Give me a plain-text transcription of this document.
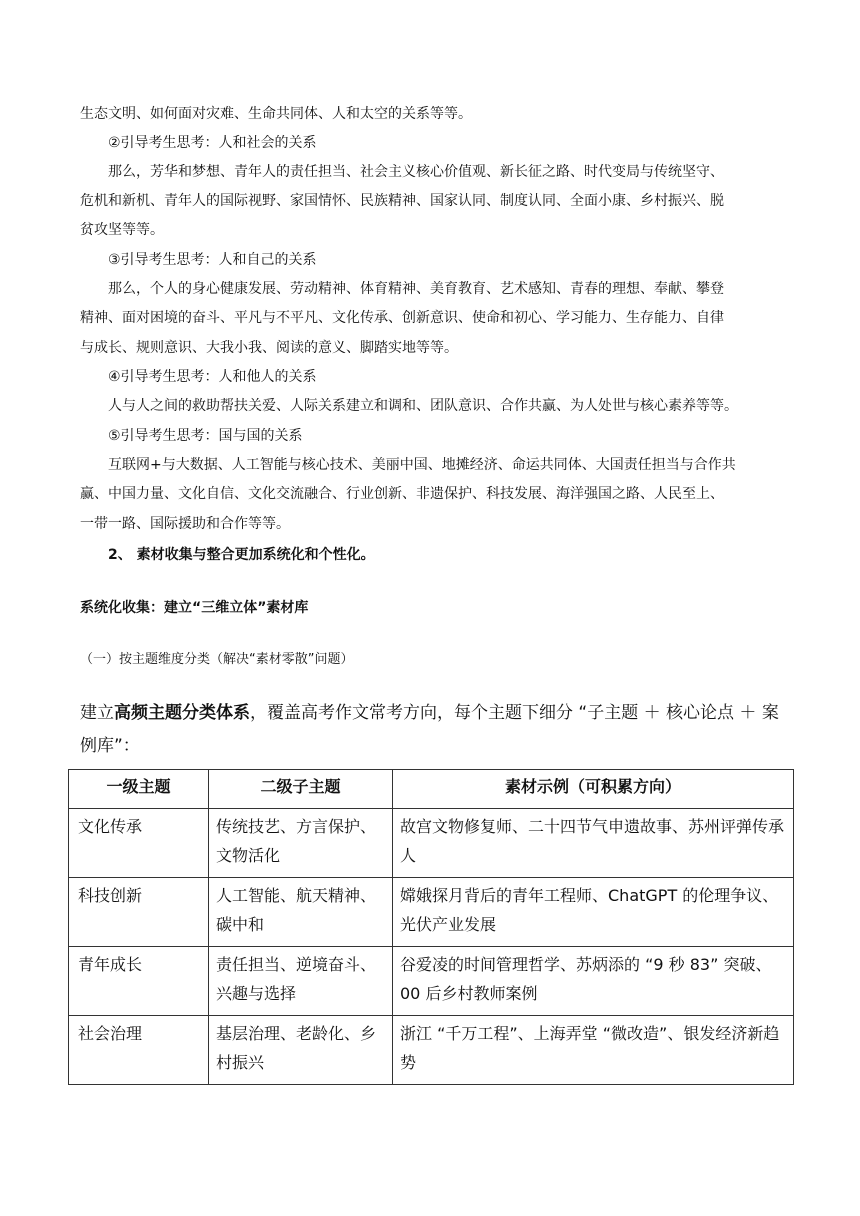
生态文明、如何面对灾难、生命共同体、人和太空的关系等等。
②引导考生思考：人和社会的关系
那么，芳华和梦想、青年人的责任担当、社会主义核心价值观、新长征之路、时代变局与传统坚守、
危机和新机、青年人的国际视野、家国情怀、民族精神、国家认同、制度认同、全面小康、乡村振兴、脱
贫攻坚等等。
③引导考生思考：人和自己的关系
那么，个人的身心健康发展、劳动精神、体育精神、美育教育、艺术感知、青春的理想、奉献、攀登
精神、面对困境的奋斗、平凡与不平凡、文化传承、创新意识、使命和初心、学习能力、生存能力、自律
与成长、规则意识、大我小我、阅读的意义、脚踏实地等等。
④引导考生思考：人和他人的关系
人与人之间的救助帮扶关爱、人际关系建立和调和、团队意识、合作共赢、为人处世与核心素养等等。
⑤引导考生思考：国与国的关系
互联网+与大数据、人工智能与核心技术、美丽中国、地摊经济、命运共同体、大国责任担当与合作共
赢、中国力量、文化自信、文化交流融合、行业创新、非遗保护、科技发展、海洋强国之路、人民至上、
一带一路、国际援助和合作等等。
2、 素材收集与整合更加系统化和个性化。
系统化收集：建立“三维立体”素材库
（一）按主题维度分类（解决“素材零散”问题）
建立高频主题分类体系，覆盖高考作文常考方向，每个主题下细分 “子主题 ＋ 核心论点 ＋ 案例库”：
一级主题	二级子主题	素材示例（可积累方向）
文化传承	传统技艺、方言保护、文物活化	故宫文物修复师、二十四节气申遗故事、苏州评弹传承人
科技创新	人工智能、航天精神、碳中和	嫦娥探月背后的青年工程师、ChatGPT 的伦理争议、光伏产业发展
青年成长	责任担当、逆境奋斗、兴趣与选择	谷爱凌的时间管理哲学、苏炳添的 “9 秒 83” 突破、00 后乡村教师案例
社会治理	基层治理、老龄化、乡村振兴	浙江 “千万工程”、上海弄堂 “微改造”、银发经济新趋势
